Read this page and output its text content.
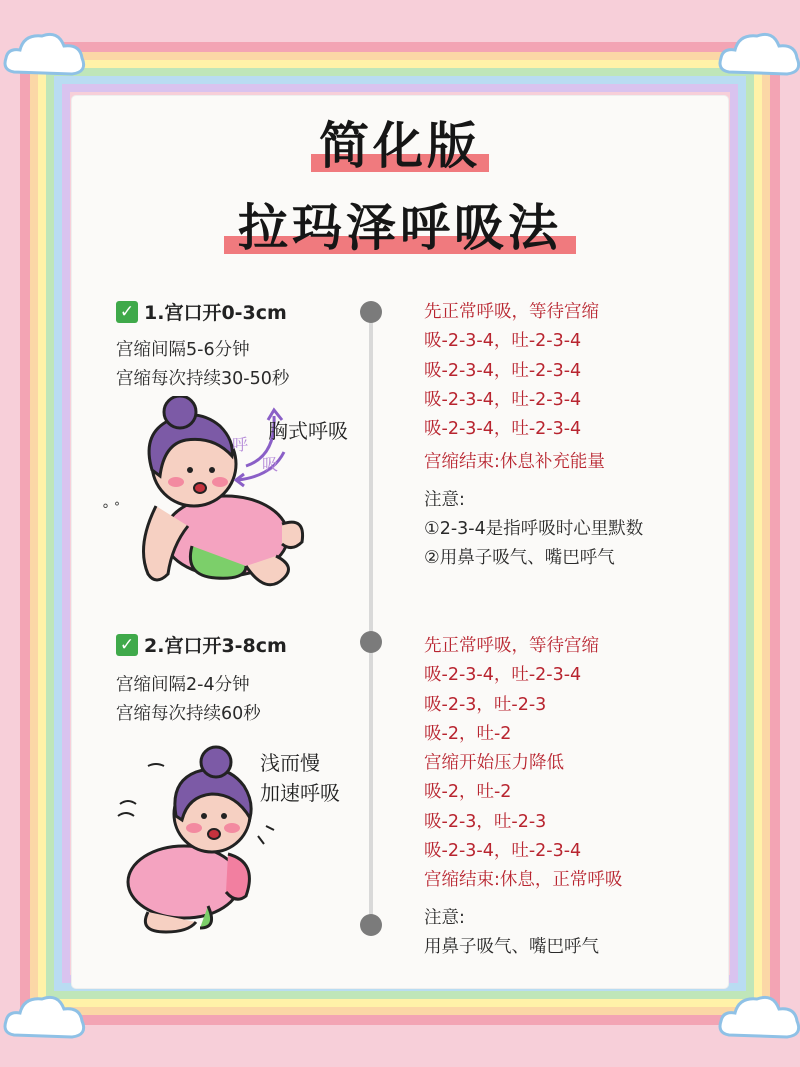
简化版
拉玛泽呼吸法
✓ 1.宫口开0-3cm
宫缩间隔5-6分钟
宫缩每次持续30-50秒
呼
吸
° ˚
胸式呼吸
先正常呼吸，等待宫缩
吸-2-3-4，吐-2-3-4
吸-2-3-4，吐-2-3-4
吸-2-3-4，吐-2-3-4
吸-2-3-4，吐-2-3-4
宫缩结束:休息补充能量
注意:
①2-3-4是指呼吸时心里默数
②用鼻子吸气、嘴巴呼气
✓ 2.宫口开3-8cm
宫缩间隔2-4分钟
宫缩每次持续60秒
浅而慢
加速呼吸
先正常呼吸，等待宫缩
吸-2-3-4，吐-2-3-4
吸-2-3，吐-2-3
吸-2，吐-2
宫缩开始压力降低
吸-2，吐-2
吸-2-3，吐-2-3
吸-2-3-4，吐-2-3-4
宫缩结束:休息，正常呼吸
注意:
用鼻子吸气、嘴巴呼气
